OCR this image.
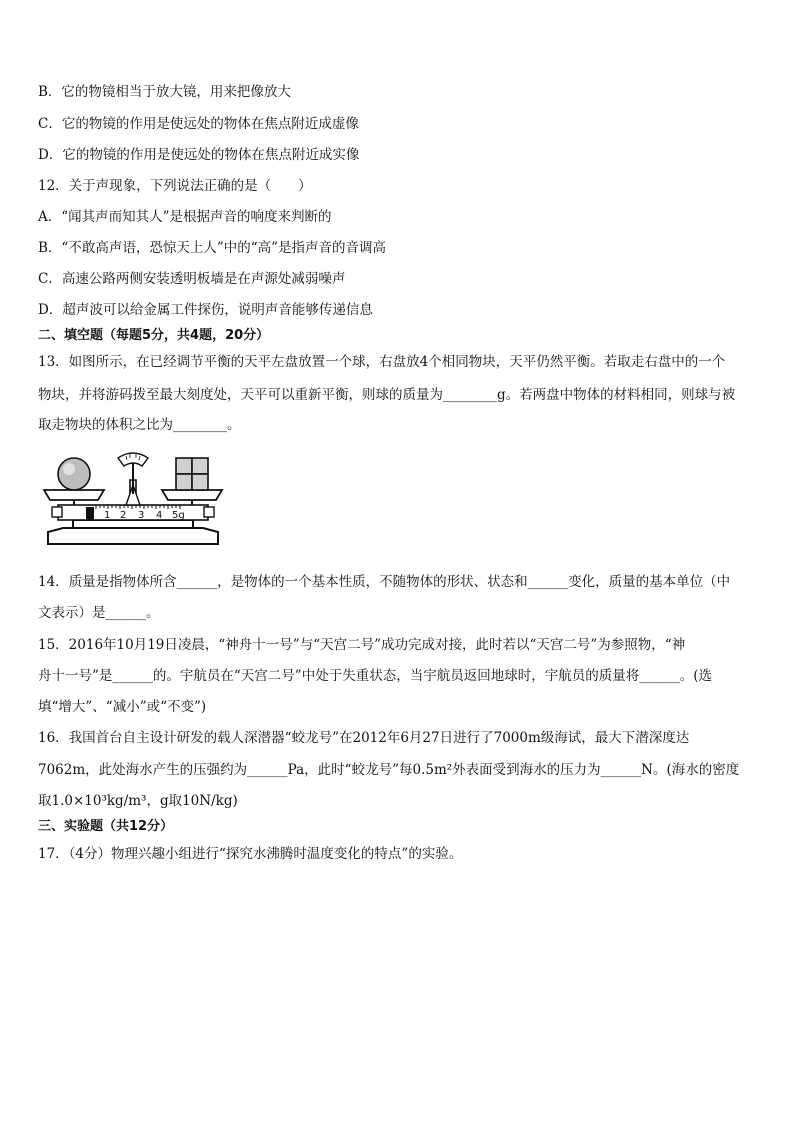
B．它的物镜相当于放大镜，用来把像放大
C．它的物镜的作用是使远处的物体在焦点附近成虚像
D．它的物镜的作用是使远处的物体在焦点附近成实像
12．关于声现象，下列说法正确的是（　　）
A．“闻其声而知其人”是根据声音的响度来判断的
B．“不敢高声语，恐惊天上人”中的“高”是指声音的音调高
C．高速公路两侧安装透明板墙是在声源处减弱噪声
D．超声波可以给金属工件探伤，说明声音能够传递信息
二、填空题（每题5分，共4题，20分）
13．如图所示，在已经调节平衡的天平左盘放置一个球，右盘放4个相同物块，天平仍然平衡。若取走右盘中的一个
物块，并将游码拨至最大刻度处，天平可以重新平衡，则球的质量为________g。若两盘中物体的材料相同，则球与被
取走物块的体积之比为________。
1 2 3 4 5g
14．质量是指物体所含______，是物体的一个基本性质，不随物体的形状、状态和______变化，质量的基本单位（中
文表示）是______。
15．2016年10月19日凌晨，“神舟十一号”与“天宫二号”成功完成对接，此时若以“天宫二号”为参照物，“神
舟十一号”是______的。宇航员在“天宫二号”中处于失重状态，当宇航员返回地球时，宇航员的质量将______。(选
填“增大”、“减小”或“不变”)
16．我国首台自主设计研发的载人深潜器“蛟龙号”在2012年6月27日进行了7000m级海试，最大下潜深度达
7062m，此处海水产生的压强约为______Pa，此时“蛟龙号”每0.5m²外表面受到海水的压力为______N。(海水的密度
取1.0×10³kg/m³，g取10N/kg)
三、实验题（共12分）
17．（4分）物理兴趣小组进行“探究水沸腾时温度变化的特点”的实验。
